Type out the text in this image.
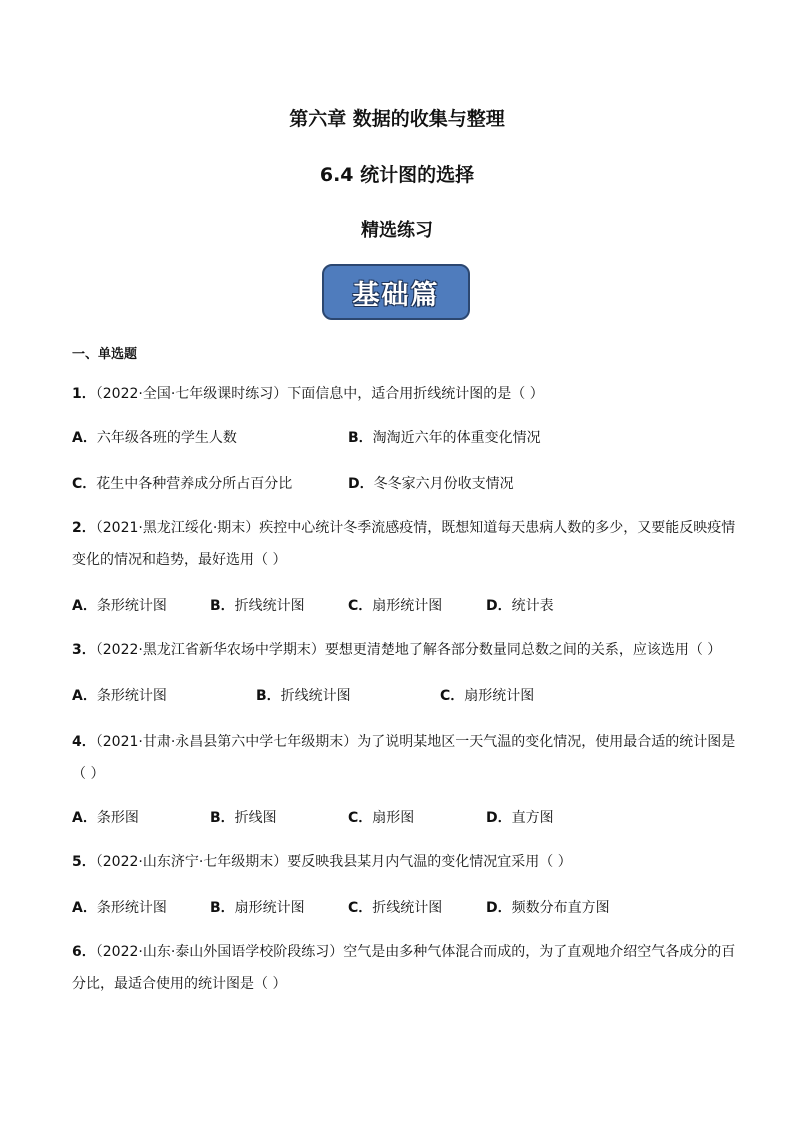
第六章 数据的收集与整理
6.4 统计图的选择
精选练习
基础篇
一、单选题
1．（2022·全国·七年级课时练习）下面信息中，适合用折线统计图的是（ ）
A．六年级各班的学生人数	B．淘淘近六年的体重变化情况
C．花生中各种营养成分所占百分比	D．冬冬家六月份收支情况
2．（2021·黑龙江绥化·期末）疾控中心统计冬季流感疫情，既想知道每天患病人数的多少，又要能反映疫情
变化的情况和趋势，最好选用（ ）
A．条形统计图	B．折线统计图	C．扇形统计图	D．统计表
3．（2022·黑龙江省新华农场中学期末）要想更清楚地了解各部分数量同总数之间的关系，应该选用（ ）
A．条形统计图	B．折线统计图	C．扇形统计图
4．（2021·甘肃·永昌县第六中学七年级期末）为了说明某地区一天气温的变化情况，使用最合适的统计图是
（ ）
A．条形图	B．折线图	C．扇形图	D．直方图
5．（2022·山东济宁·七年级期末）要反映我县某月内气温的变化情况宜采用（ ）
A．条形统计图	B．扇形统计图	C．折线统计图	D．频数分布直方图
6．（2022·山东·泰山外国语学校阶段练习）空气是由多种气体混合而成的，为了直观地介绍空气各成分的百
分比，最适合使用的统计图是（ ）
